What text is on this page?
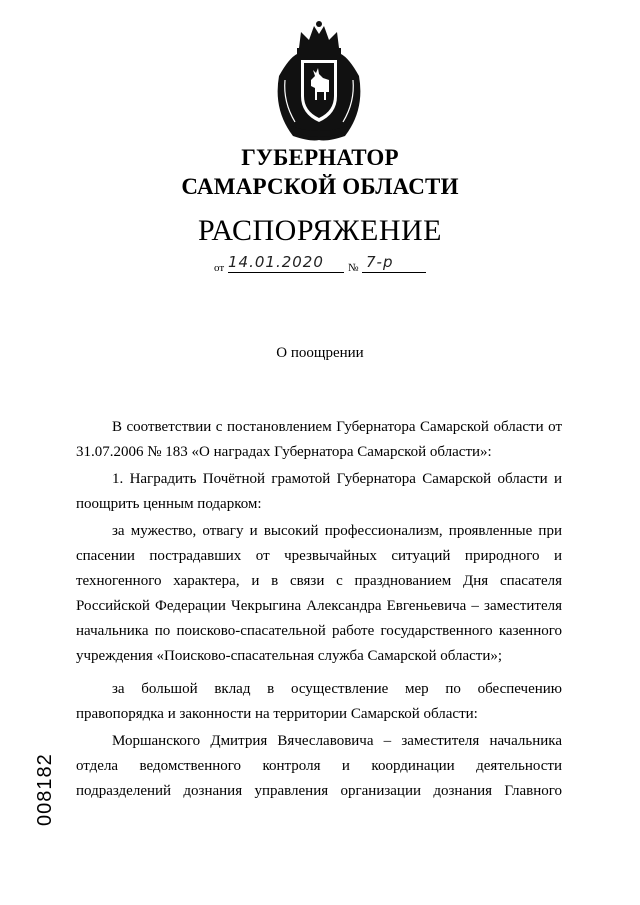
ГУБЕРНАТОР
САМАРСКОЙ ОБЛАСТИ
РАСПОРЯЖЕНИЕ
от 14.01.2020 № 7-р
О поощрении
В соответствии с постановлением Губернатора Самарской области от 31.07.2006 № 183 «О наградах Губернатора Самарской области»:
1. Наградить Почётной грамотой Губернатора Самарской области и поощрить ценным подарком:
за мужество, отвагу и высокий профессионализм, проявленные при спасении пострадавших от чрезвычайных ситуаций природного и техногенного характера, и в связи с празднованием Дня спасателя Российской Федерации Чекрыгина Александра Евгеньевича – заместителя начальника по поисково-спасательной работе государственного казенного учреждения «Поисково-спасательная служба Самарской области»;
за большой вклад в осуществление мер по обеспечению правопорядка и законности на территории Самарской области:
Моршанского Дмитрия Вячеславовича – заместителя начальника отдела ведомственного контроля и координации деятельности подразделений дознания управления организации дознания Главного
008182
